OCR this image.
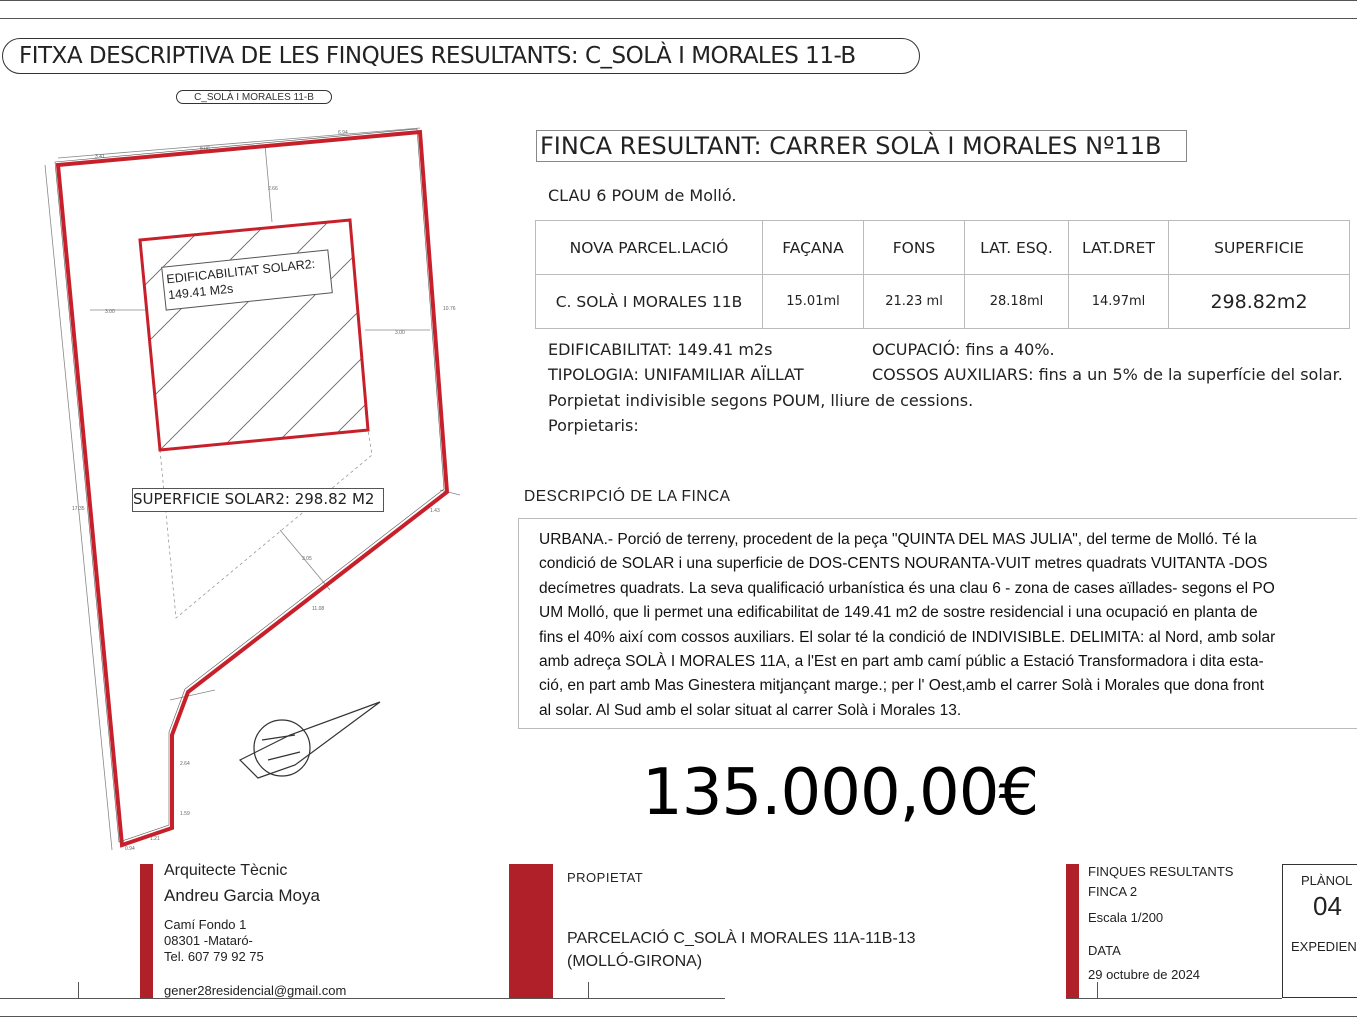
FITXA DESCRIPTIVA DE LES FINQUES RESULTANTS: C_SOLÀ I MORALES 11-B
C_SOLÀ I MORALES 11-B
3.41
8.06
6.94
2.66
3.00
3.00
3.05
11.08
10.76
17.35	1.43
2.64
1.59
0.94
1.21
EDIFICABILITAT SOLAR2:
149.41 M2s
SUPERFICIE SOLAR2: 298.82 M2
FINCA RESULTANT: CARRER SOLÀ I MORALES Nº11B
CLAU 6 POUM de Molló.
NOVA PARCEL.LACIÓ	FAÇANA	FONS	LAT. ESQ.	LAT.DRET	SUPERFICIE
C. SOLÀ I MORALES 11B	15.01ml	21.23 ml	28.18ml	14.97ml	298.82m2
EDIFICABILITAT: 149.41 m2s	OCUPACIÓ: fins a 40%.
TIPOLOGIA: UNIFAMILIAR AÏLLAT	COSSOS AUXILIARS: fins a un 5% de la superfície del solar.
Porpietat indivisible segons POUM, lliure de cessions.
Porpietaris:
DESCRIPCIÓ DE LA FINCA
URBANA.- Porció de terreny, procedent de la peça "QUINTA DEL MAS JULIA", del terme de Molló. Té la
condició de SOLAR i una superficie de DOS-CENTS NOURANTA-VUIT metres quadrats VUITANTA -DOS
decímetres quadrats. La seva qualificació urbanística és una clau 6 - zona de cases aïllades- segons el PO
UM Molló, que li permet una edificabilitat de 149.41 m2 de sostre residencial i una ocupació en planta de
fins el 40% així com cossos auxiliars. El solar té la condició de INDIVISIBLE. DELIMITA: al Nord, amb solar
amb adreça SOLÀ I MORALES 11A, a l'Est en part amb camí públic a Estació Transformadora i dita esta-
ció, en part amb Mas Ginestera mitjançant marge.; per l' Oest,amb el carrer Solà i Morales que dona front
al solar. Al Sud amb el solar situat al carrer Solà i Morales 13.
135.000,00€
Arquitecte Tècnic
Andreu Garcia Moya
Camí Fondo 1
08301 -Mataró-
Tel. 607 79 92 75
gener28residencial@gmail.com
PROPIETAT
PARCELACIÓ C_SOLÀ I MORALES 11A-11B-13
(MOLLÓ-GIRONA)
FINQUES RESULTANTS
FINCA 2
Escala 1/200
DATA
29 octubre de 2024
PLÀNOL
04
EXPEDIEN
